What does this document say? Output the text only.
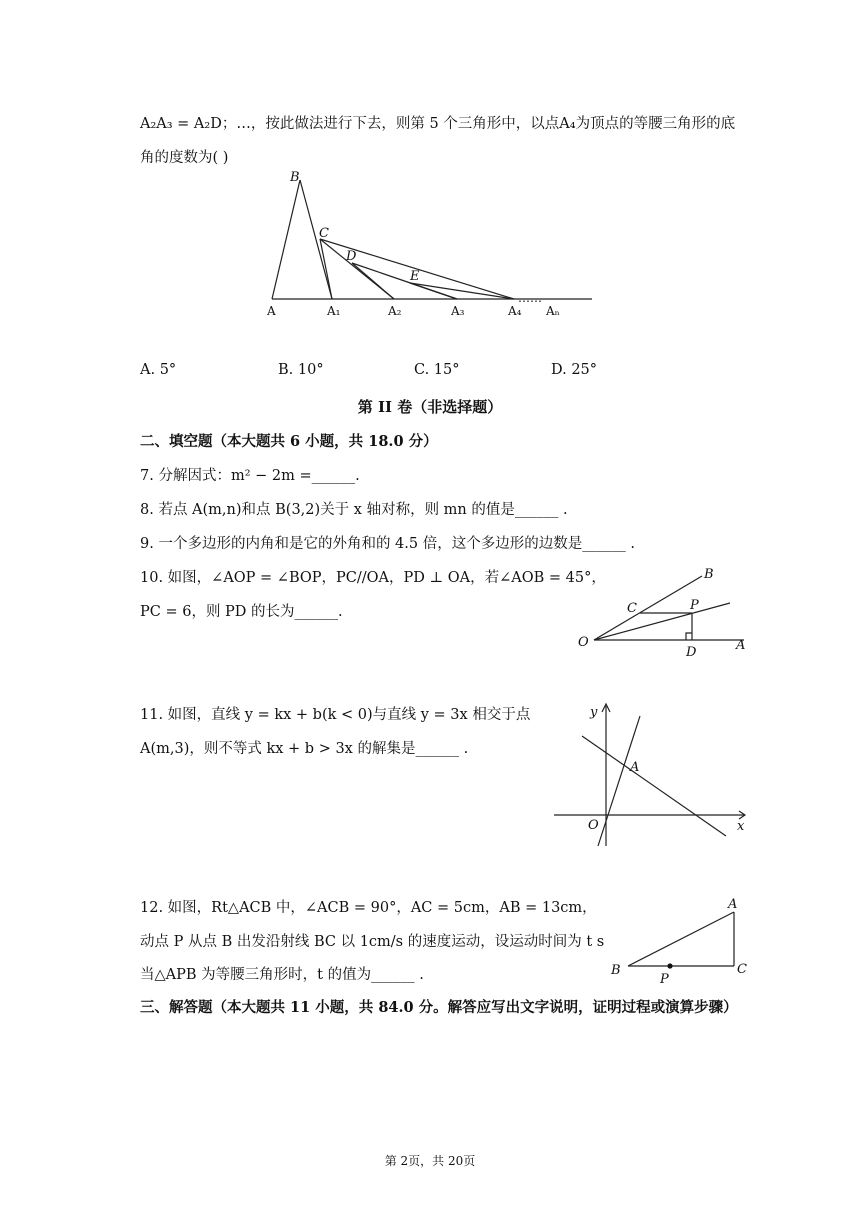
A₂A₃ = A₂D；…，按此做法进行下去，则第 5 个三角形中，以点A₄为顶点的等腰三角形的底
角的度数为( )
B
C
D
E
A	A₁	A₂	A₃	A₄
……
Aₙ
A. 5°	B. 10°	C. 15°	D. 25°
第 II 卷（非选择题）
二、填空题（本大题共 6 小题，共 18.0 分）
7. 分解因式：m² − 2m =______.
8. 若点 A(m,n)和点 B(3,2)关于 x 轴对称，则 mn 的值是______ .
9. 一个多边形的内角和是它的外角和的 4.5 倍，这个多边形的边数是______ .
10. 如图，∠AOP = ∠BOP，PC//OA，PD ⊥ OA，若∠AOB = 45°，
PC = 6，则 PD 的长为______.
B
C	P
O
D	A
11. 如图，直线 y = kx + b(k < 0)与直线 y = 3x 相交于点
A(m,3)，则不等式 kx + b > 3x 的解集是______ .
y
A
O	x
12. 如图，Rt△ACB 中，∠ACB = 90°，AC = 5cm，AB = 13cm，
动点 P 从点 B 出发沿射线 BC 以 1cm/s 的速度运动，设运动时间为 t s
当△APB 为等腰三角形时，t 的值为______ .
A
B
P
C
三、解答题（本大题共 11 小题，共 84.0 分。解答应写出文字说明，证明过程或演算步骤）
第 2页，共 20页
